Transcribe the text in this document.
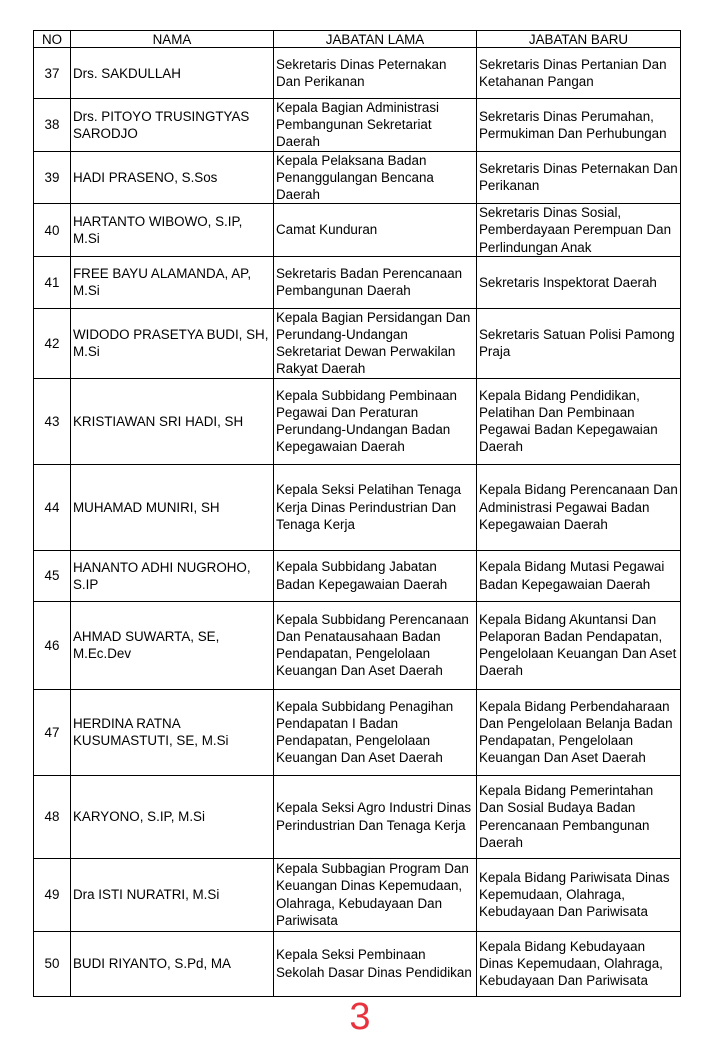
NO	NAMA	JABATAN LAMA	JABATAN BARU
37	Drs. SAKDULLAH	Sekretaris Dinas Peternakan Dan Perikanan	Sekretaris Dinas Pertanian Dan Ketahanan Pangan
38	Drs. PITOYO TRUSINGTYAS SARODJO	Kepala Bagian Administrasi Pembangunan Sekretariat Daerah	Sekretaris Dinas Perumahan, Permukiman Dan Perhubungan
39	HADI PRASENO, S.Sos	Kepala Pelaksana Badan Penanggulangan Bencana Daerah	Sekretaris Dinas Peternakan Dan Perikanan
40	HARTANTO WIBOWO, S.IP, M.Si	Camat Kunduran	Sekretaris Dinas Sosial, Pemberdayaan Perempuan Dan Perlindungan Anak
41	FREE BAYU ALAMANDA, AP, M.Si	Sekretaris Badan Perencanaan Pembangunan Daerah	Sekretaris Inspektorat Daerah
42	WIDODO PRASETYA BUDI, SH, M.Si	Kepala Bagian Persidangan Dan Perundang-Undangan Sekretariat Dewan Perwakilan Rakyat Daerah	Sekretaris Satuan Polisi Pamong Praja
43	KRISTIAWAN SRI HADI, SH	Kepala Subbidang Pembinaan Pegawai Dan Peraturan Perundang-Undangan Badan Kepegawaian Daerah	Kepala Bidang Pendidikan, Pelatihan Dan Pembinaan Pegawai Badan Kepegawaian Daerah
44	MUHAMAD MUNIRI, SH	Kepala Seksi Pelatihan Tenaga Kerja Dinas Perindustrian Dan Tenaga Kerja	Kepala Bidang Perencanaan Dan Administrasi Pegawai Badan Kepegawaian Daerah
45	HANANTO ADHI NUGROHO, S.IP	Kepala Subbidang Jabatan Badan Kepegawaian Daerah	Kepala Bidang Mutasi Pegawai Badan Kepegawaian Daerah
46	AHMAD SUWARTA, SE, M.Ec.Dev	Kepala Subbidang Perencanaan Dan Penatausahaan Badan Pendapatan, Pengelolaan Keuangan Dan Aset Daerah	Kepala Bidang Akuntansi Dan Pelaporan Badan Pendapatan, Pengelolaan Keuangan Dan Aset Daerah
47	HERDINA RATNA KUSUMASTUTI, SE, M.Si	Kepala Subbidang Penagihan Pendapatan I Badan Pendapatan, Pengelolaan Keuangan Dan Aset Daerah	Kepala Bidang Perbendaharaan Dan Pengelolaan Belanja Badan Pendapatan, Pengelolaan Keuangan Dan Aset Daerah
48	KARYONO, S.IP, M.Si	Kepala Seksi Agro Industri Dinas Perindustrian Dan Tenaga Kerja	Kepala Bidang Pemerintahan Dan Sosial Budaya Badan Perencanaan Pembangunan Daerah
49	Dra ISTI NURATRI, M.Si	Kepala Subbagian Program Dan Keuangan Dinas Kepemudaan, Olahraga, Kebudayaan Dan Pariwisata	Kepala Bidang Pariwisata Dinas Kepemudaan, Olahraga, Kebudayaan Dan Pariwisata
50	BUDI RIYANTO, S.Pd, MA	Kepala Seksi Pembinaan Sekolah Dasar Dinas Pendidikan	Kepala Bidang Kebudayaan Dinas Kepemudaan, Olahraga, Kebudayaan Dan Pariwisata
3
